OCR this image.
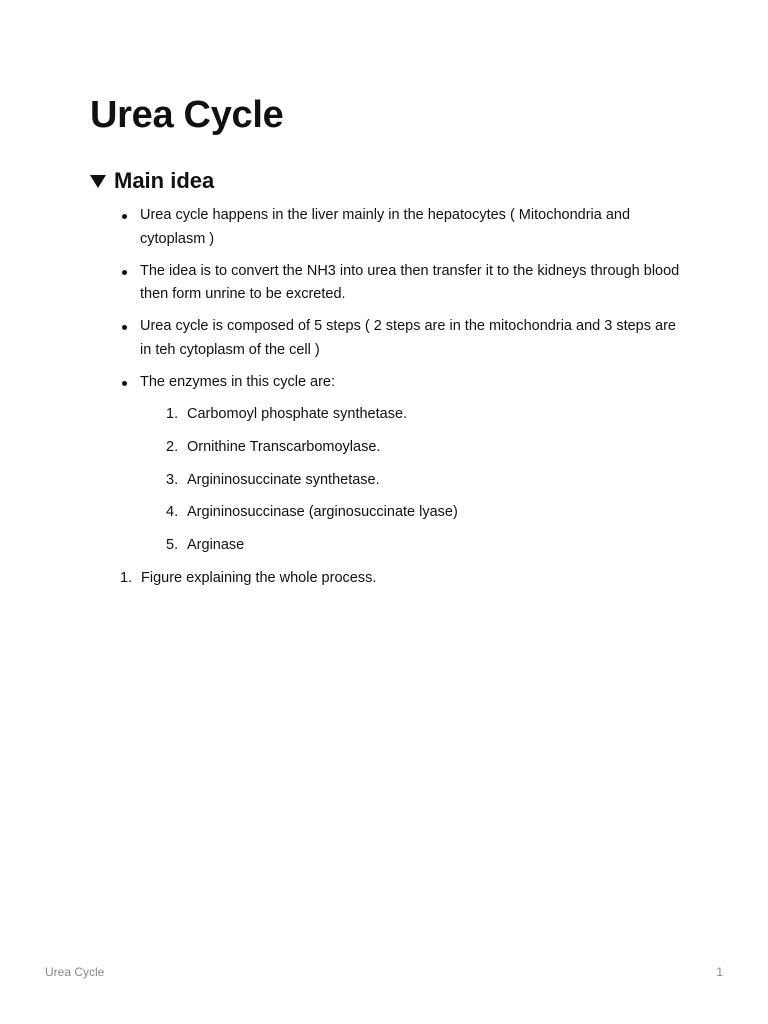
Urea Cycle
Main idea
Urea cycle happens in the liver mainly in the hepatocytes ( Mitochondria and cytoplasm )
The idea is to convert the NH3 into urea then transfer it to the kidneys through blood then form unrine to be excreted.
Urea cycle is composed of 5 steps ( 2 steps are in the mitochondria and 3 steps are in teh cytoplasm of the cell )
The enzymes in this cycle are:
1. Carbomoyl phosphate synthetase.
2. Ornithine Transcarbomoylase.
3. Argininosuccinate synthetase.
4. Argininosuccinase (arginosuccinate lyase)
5. Arginase
1. Figure explaining the whole process.
Urea Cycle	1
